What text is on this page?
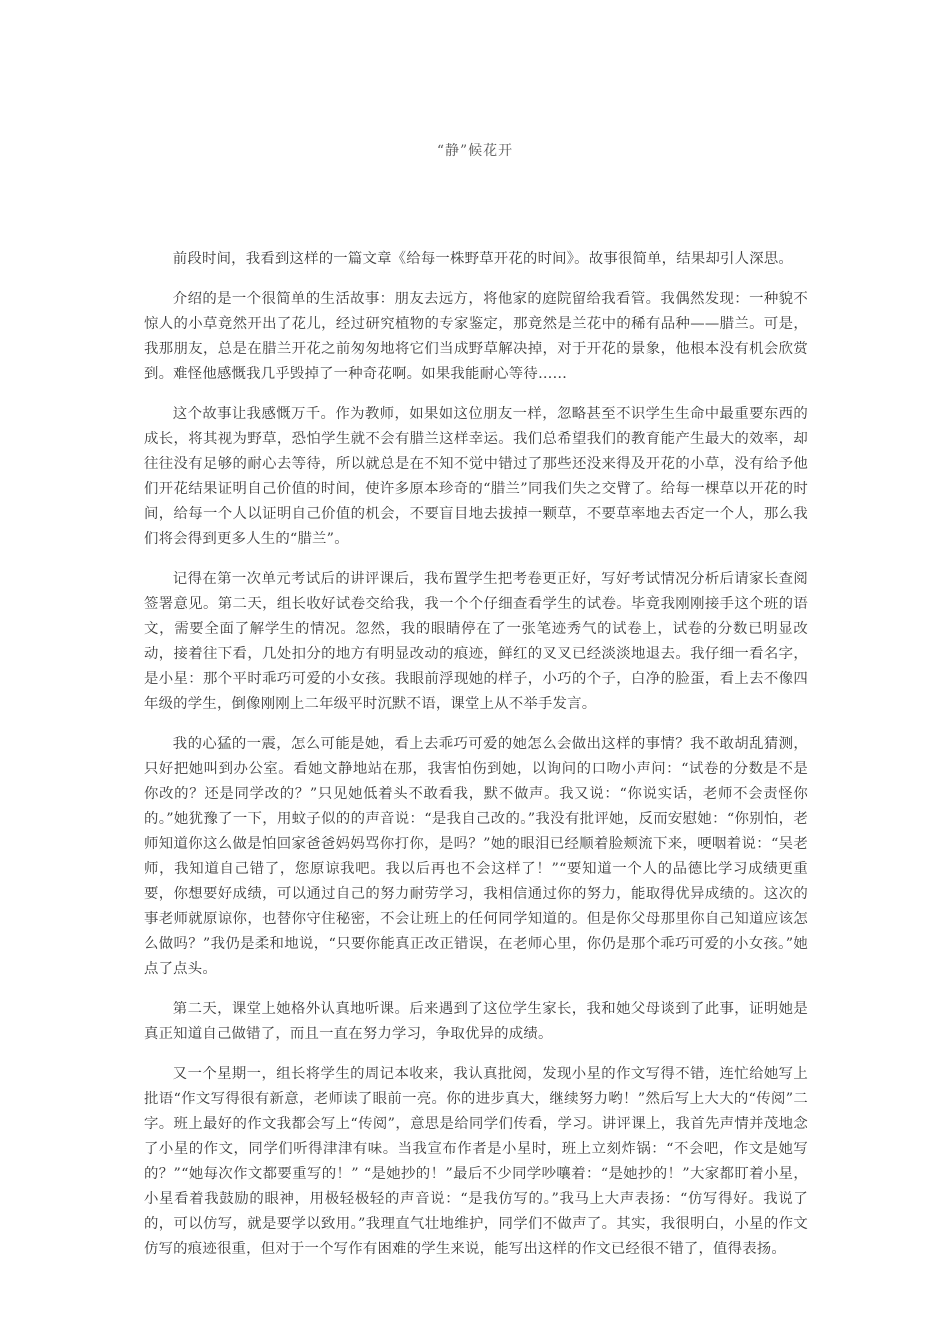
“静”候花开

前段时间，我看到这样的一篇文章《给每一株野草开花的时间》。故事很简单，结果却引人深思。

介绍的是一个很简单的生活故事：朋友去远方，将他家的庭院留给我看管。我偶然发现：一种貌不惊人的小草竟然开出了花儿，经过研究植物的专家鉴定，那竟然是兰花中的稀有品种——腊兰。可是，我那朋友，总是在腊兰开花之前匆匆地将它们当成野草解决掉，对于开花的景象，他根本没有机会欣赏到。难怪他感慨我几乎毁掉了一种奇花啊。如果我能耐心等待……

这个故事让我感慨万千。作为教师，如果如这位朋友一样，忽略甚至不识学生生命中最重要东西的成长，将其视为野草，恐怕学生就不会有腊兰这样幸运。我们总希望我们的教育能产生最大的效率，却往往没有足够的耐心去等待，所以就总是在不知不觉中错过了那些还没来得及开花的小草，没有给予他们开花结果证明自己价值的时间，使许多原本珍奇的“腊兰”同我们失之交臂了。给每一棵草以开花的时间，给每一个人以证明自己价值的机会，不要盲目地去拔掉一颗草，不要草率地去否定一个人，那么我们将会得到更多人生的“腊兰”。

记得在第一次单元考试后的讲评课后，我布置学生把考卷更正好，写好考试情况分析后请家长查阅签署意见。第二天，组长收好试卷交给我，我一个个仔细查看学生的试卷。毕竟我刚刚接手这个班的语文，需要全面了解学生的情况。忽然，我的眼睛停在了一张笔迹秀气的试卷上，试卷的分数已明显改动，接着往下看，几处扣分的地方有明显改动的痕迹，鲜红的叉叉已经淡淡地退去。我仔细一看名字，是小星：那个平时乖巧可爱的小女孩。我眼前浮现她的样子，小巧的个子，白净的脸蛋，看上去不像四年级的学生，倒像刚刚上二年级平时沉默不语，课堂上从不举手发言。

我的心猛的一震，怎么可能是她，看上去乖巧可爱的她怎么会做出这样的事情？我不敢胡乱猜测，只好把她叫到办公室。看她文静地站在那，我害怕伤到她，以询问的口吻小声问：“试卷的分数是不是你改的？还是同学改的？”只见她低着头不敢看我，默不做声。我又说：“你说实话，老师不会责怪你的。”她犹豫了一下，用蚊子似的的声音说：“是我自己改的。”我没有批评她，反而安慰她：“你别怕，老师知道你这么做是怕回家爸爸妈妈骂你打你，是吗？”她的眼泪已经顺着脸颊流下来，哽咽着说：“吴老师，我知道自己错了，您原谅我吧。我以后再也不会这样了！”“要知道一个人的品德比学习成绩更重要，你想要好成绩，可以通过自己的努力耐劳学习，我相信通过你的努力，能取得优异成绩的。这次的事老师就原谅你，也替你守住秘密，不会让班上的任何同学知道的。但是你父母那里你自己知道应该怎么做吗？”我仍是柔和地说，“只要你能真正改正错误，在老师心里，你仍是那个乖巧可爱的小女孩。”她点了点头。

第二天，课堂上她格外认真地听课。后来遇到了这位学生家长，我和她父母谈到了此事，证明她是真正知道自己做错了，而且一直在努力学习，争取优异的成绩。

又一个星期一，组长将学生的周记本收来，我认真批阅，发现小星的作文写得不错，连忙给她写上批语“作文写得很有新意，老师读了眼前一亮。你的进步真大，继续努力哟！”然后写上大大的“传阅”二字。班上最好的作文我都会写上“传阅”，意思是给同学们传看，学习。讲评课上，我首先声情并茂地念了小星的作文，同学们听得津津有味。当我宣布作者是小星时，班上立刻炸锅：“不会吧，作文是她写的？”“她每次作文都要重写的！” “是她抄的！”最后不少同学吵嚷着：“是她抄的！”大家都盯着小星，小星看着我鼓励的眼神，用极轻极轻的声音说：“是我仿写的。”我马上大声表扬：“仿写得好。我说了的，可以仿写，就是要学以致用。”我理直气壮地维护，同学们不做声了。其实，我很明白，小星的作文仿写的痕迹很重，但对于一个写作有困难的学生来说，能写出这样的作文已经很不错了，值得表扬。
